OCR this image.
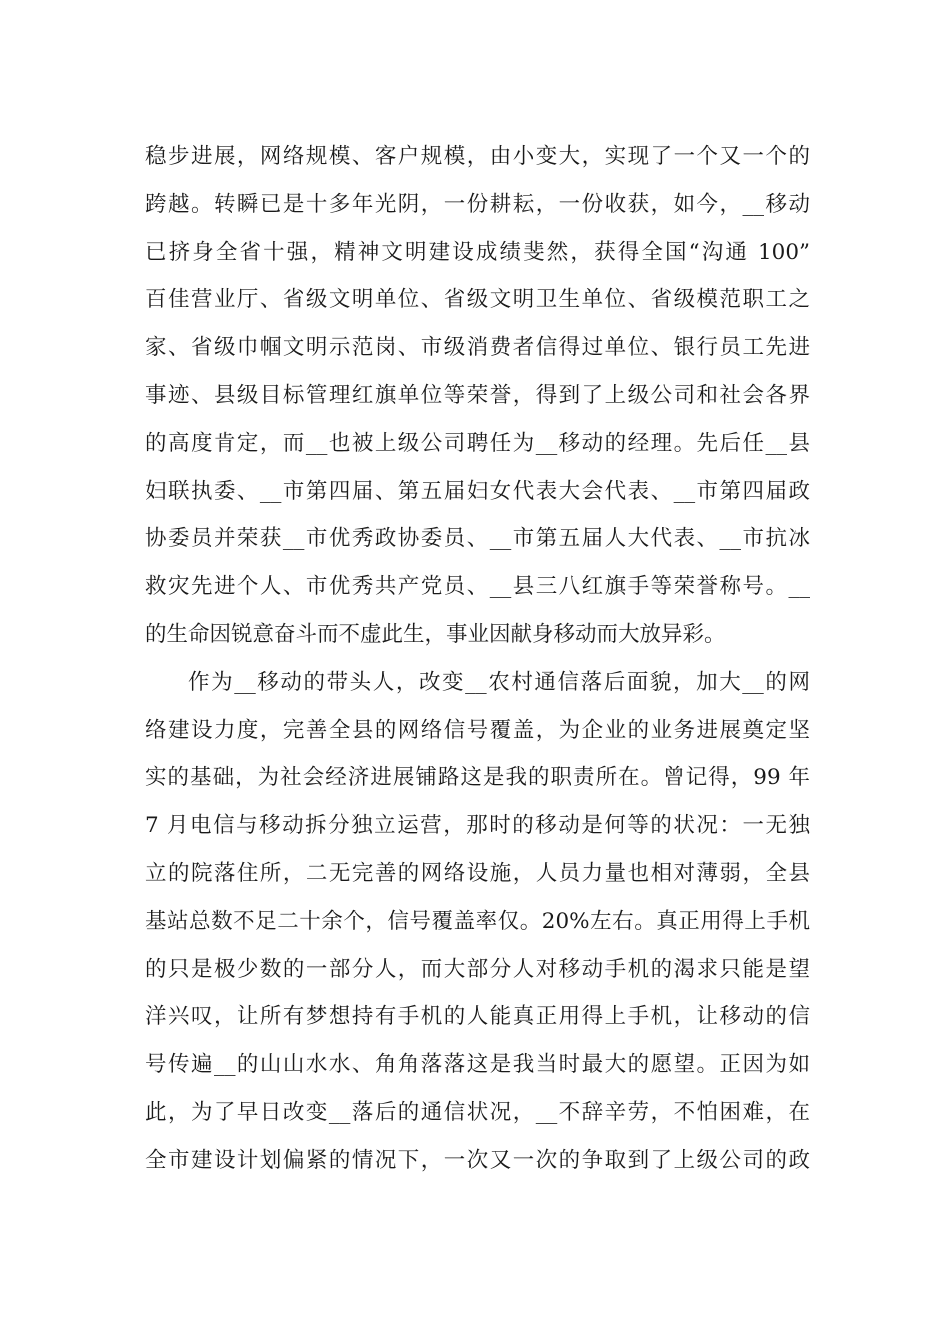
稳步进展，网络规模、客户规模，由小变大，实现了一个又一个的
跨越。转瞬已是十多年光阴，一份耕耘，一份收获，如今，__移动
已挤身全省十强，精神文明建设成绩斐然，获得全国“沟通 100”
百佳营业厅、省级文明单位、省级文明卫生单位、省级模范职工之
家、省级巾帼文明示范岗、市级消费者信得过单位、银行员工先进
事迹、县级目标管理红旗单位等荣誉，得到了上级公司和社会各界
的高度肯定，而__也被上级公司聘任为__移动的经理。先后任__县
妇联执委、__市第四届、第五届妇女代表大会代表、__市第四届政
协委员并荣获__市优秀政协委员、__市第五届人大代表、__市抗冰
救灾先进个人、市优秀共产党员、__县三八红旗手等荣誉称号。__
的生命因锐意奋斗而不虚此生，事业因献身移动而大放异彩。
作为__移动的带头人，改变__农村通信落后面貌，加大__的网
络建设力度，完善全县的网络信号覆盖，为企业的业务进展奠定坚
实的基础，为社会经济进展铺路这是我的职责所在。曾记得，99 年
7 月电信与移动拆分独立运营，那时的移动是何等的状况：一无独
立的院落住所，二无完善的网络设施，人员力量也相对薄弱，全县
基站总数不足二十余个，信号覆盖率仅。20%左右。真正用得上手机
的只是极少数的一部分人，而大部分人对移动手机的渴求只能是望
洋兴叹，让所有梦想持有手机的人能真正用得上手机，让移动的信
号传遍__的山山水水、角角落落这是我当时最大的愿望。正因为如
此，为了早日改变__落后的通信状况，__不辞辛劳，不怕困难，在
全市建设计划偏紧的情况下，一次又一次的争取到了上级公司的政
